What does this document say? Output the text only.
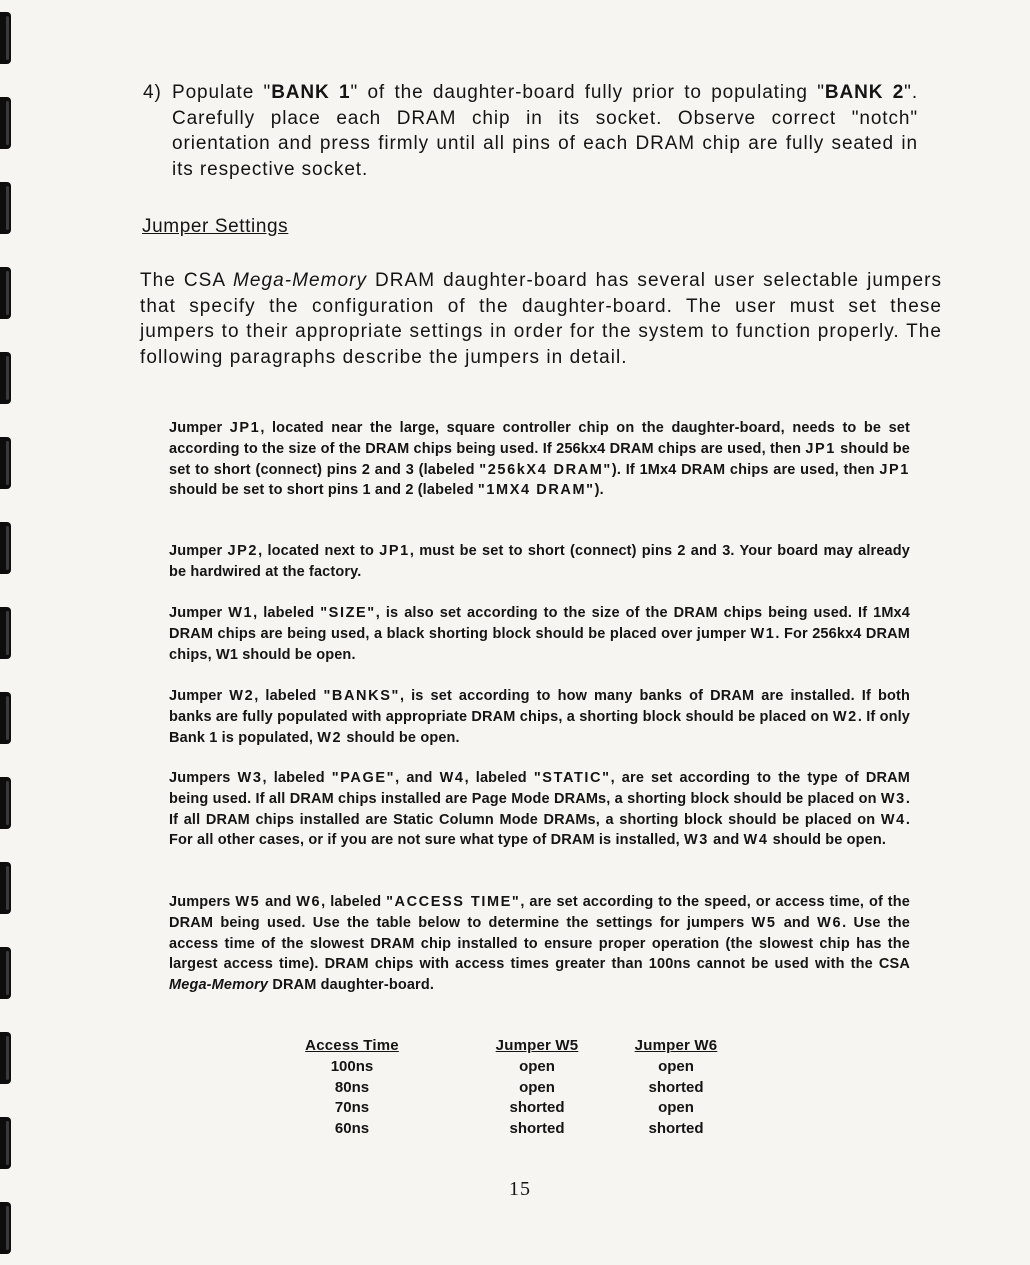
4) Populate "BANK 1" of the daughter-board fully prior to populating "BANK 2". Carefully place each DRAM chip in its socket. Observe correct "notch" orientation and press firmly until all pins of each DRAM chip are fully seated in its respective socket.
Jumper Settings
The CSA Mega-Memory DRAM daughter-board has several user selectable jumpers that specify the configuration of the daughter-board. The user must set these jumpers to their appropriate settings in order for the system to function properly. The following paragraphs describe the jumpers in detail.
Jumper JP1, located near the large, square controller chip on the daughter-board, needs to be set according to the size of the DRAM chips being used. If 256kx4 DRAM chips are used, then JP1 should be set to short (connect) pins 2 and 3 (labeled "256kX4 DRAM"). If 1Mx4 DRAM chips are used, then JP1 should be set to short pins 1 and 2 (labeled "1MX4 DRAM").
Jumper JP2, located next to JP1, must be set to short (connect) pins 2 and 3. Your board may already be hardwired at the factory.
Jumper W1, labeled "SIZE", is also set according to the size of the DRAM chips being used. If 1Mx4 DRAM chips are being used, a black shorting block should be placed over jumper W1. For 256kx4 DRAM chips, W1 should be open.
Jumper W2, labeled "BANKS", is set according to how many banks of DRAM are installed. If both banks are fully populated with appropriate DRAM chips, a shorting block should be placed on W2. If only Bank 1 is populated, W2 should be open.
Jumpers W3, labeled "PAGE", and W4, labeled "STATIC", are set according to the type of DRAM being used. If all DRAM chips installed are Page Mode DRAMs, a shorting block should be placed on W3. If all DRAM chips installed are Static Column Mode DRAMs, a shorting block should be placed on W4. For all other cases, or if you are not sure what type of DRAM is installed, W3 and W4 should be open.
Jumpers W5 and W6, labeled "ACCESS TIME", are set according to the speed, or access time, of the DRAM being used. Use the table below to determine the settings for jumpers W5 and W6. Use the access time of the slowest DRAM chip installed to ensure proper operation (the slowest chip has the largest access time). DRAM chips with access times greater than 100ns cannot be used with the CSA Mega-Memory DRAM daughter-board.
Access Time
100ns
80ns
70ns
60ns
Jumper W5
open
open
shorted
shorted
Jumper W6
open
shorted
open
shorted
15
